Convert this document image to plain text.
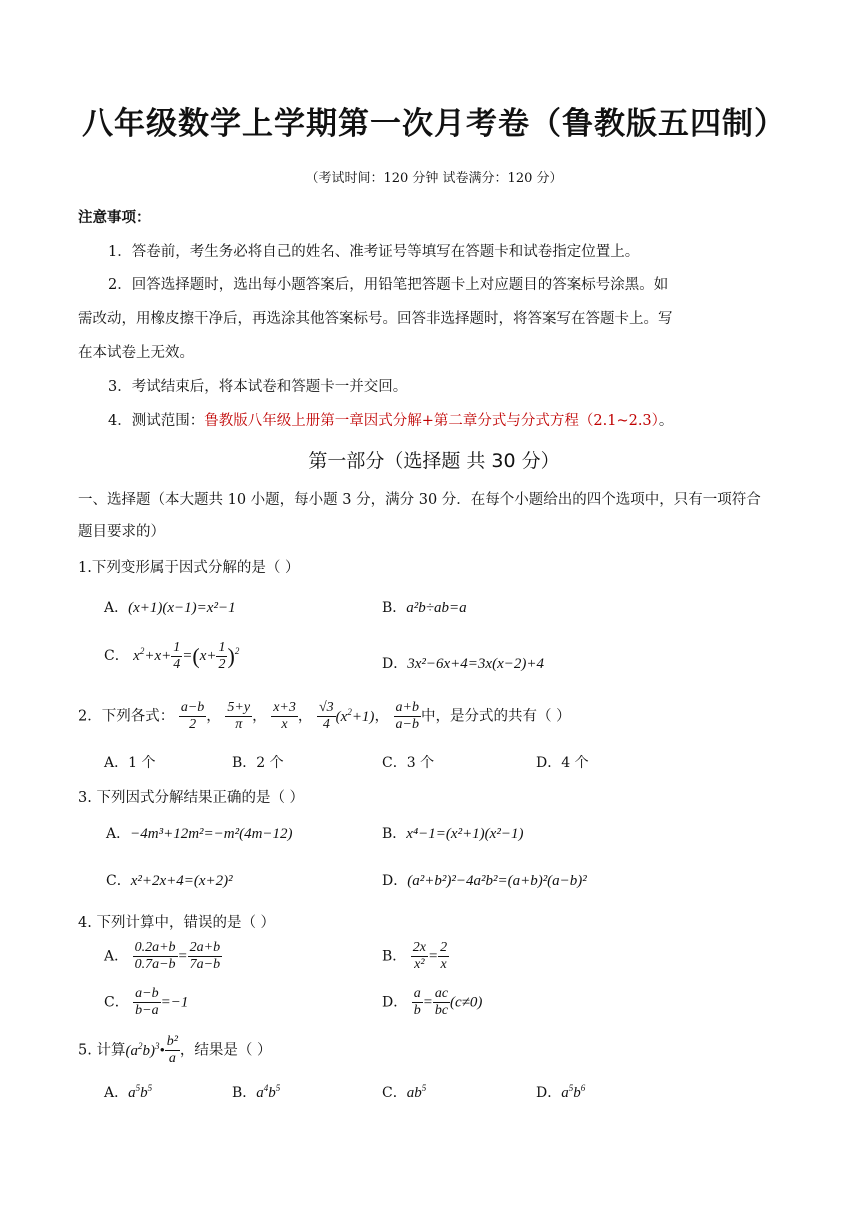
八年级数学上学期第一次月考卷（鲁教版五四制）
（考试时间：120 分钟 试卷满分：120 分）
注意事项：
1．答卷前，考生务必将自己的姓名、准考证号等填写在答题卡和试卷指定位置上。
2．回答选择题时，选出每小题答案后，用铅笔把答题卡上对应题目的答案标号涂黑。如
需改动，用橡皮擦干净后，再选涂其他答案标号。回答非选择题时，将答案写在答题卡上。写
在本试卷上无效。
3．考试结束后，将本试卷和答题卡一并交回。
4．测试范围：鲁教版八年级上册第一章因式分解+第二章分式与分式方程（2.1~2.3）。
第一部分（选择题 共 30 分）
一、选择题（本大题共 10 小题，每小题 3 分，满分 30 分．在每个小题给出的四个选项中，只有一项符合
题目要求的）
1.下列变形属于因式分解的是（ ）
A．(x+1)(x−1)=x²−1	B．a²b÷ab=a
C． $x^2+x+ \frac{1}{4} =(x+ \frac{1}{2} )^2$
D．3x²−6x+4=3x(x−2)+4
2．下列各式： $\frac{a-b}{2}$ ， $\frac{5+y}{\pi}$ ， $\frac{x+3}{x}$ ， $\frac{√3}{4} (x^2+1)$， $\frac{a+b}{a-b}$ 中，是分式的共有（ ）
A．1 个	B．2 个	C．3 个	D．4 个
3. 下列因式分解结果正确的是（ ）
A．−4m³+12m²=−m²(4m−12)	B．x⁴−1=(x²+1)(x²−1)
C．x²+2x+4=(x+2)²	D．(a²+b²)²−4a²b²=(a+b)²(a−b)²
4. 下列计算中，错误的是（ ）
A． $\frac{0.2a+b}{0.7a-b} = \frac{2a+b}{7a-b}$	B． $\frac{2x}{\text{x²}} = \frac{2}{x}$
C． $\frac{a-b}{b-a} =-1$	D． $\frac{a}{b} = \frac{ac}{bc} (c\ne 0)$
5. 计算$(a^2b)^3• \frac{\text{b²}}{a}$ ，结果是（ ）
A．$a^5b^5$	B．$a^4b^5$	C．$ab^5$	D．$a^5b^6$
